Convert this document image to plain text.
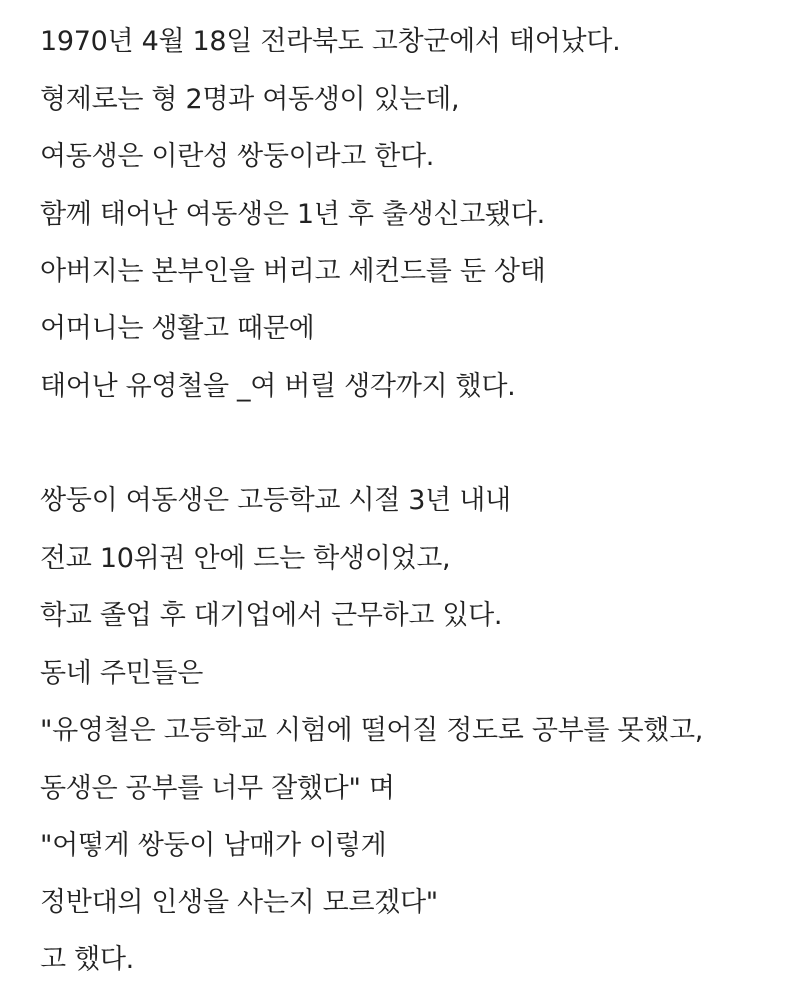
1970년 4월 18일 전라북도 고창군에서 태어났다.
형제로는 형 2명과 여동생이 있는데,
여동생은 이란성 쌍둥이라고 한다.
함께 태어난 여동생은 1년 후 출생신고됐다.
아버지는 본부인을 버리고 세컨드를 둔 상태
어머니는 생활고 때문에
태어난 유영철을 _여 버릴 생각까지 했다.
쌍둥이 여동생은 고등학교 시절 3년 내내
전교 10위권 안에 드는 학생이었고,
학교 졸업 후 대기업에서 근무하고 있다.
동네 주민들은
"유영철은 고등학교 시험에 떨어질 정도로 공부를 못했고,
동생은 공부를 너무 잘했다" 며
"어떻게 쌍둥이 남매가 이렇게
정반대의 인생을 사는지 모르겠다"
고 했다.
